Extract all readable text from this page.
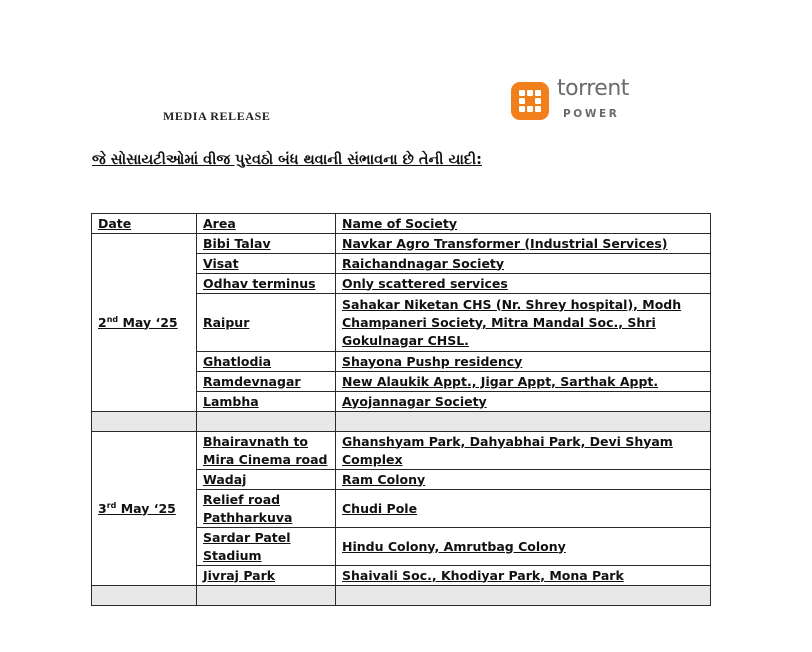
MEDIA RELEASE
torrent
POWER
જે સોસાયટીઓમાં વીજ પુરવઠો બંધ થવાની સંભાવના છે તેની યાદી:
Date	Area	Name of Society
2nd May ‘25	Bibi Talav	Navkar Agro Transformer (Industrial Services)
	Visat	Raichandnagar Society
	Odhav terminus	Only scattered services
	Raipur	Sahakar Niketan CHS (Nr. Shrey hospital), Modh Champaneri Society, Mitra Mandal Soc., Shri Gokulnagar CHSL.
	Ghatlodia	Shayona Pushp residency
	Ramdevnagar	New Alaukik Appt., Jigar Appt, Sarthak Appt.
	Lambha	Ayojannagar Society

3rd May ‘25	Bhairavnath to Mira Cinema road	Ghanshyam Park, Dahyabhai Park, Devi Shyam Complex
	Wadaj	Ram Colony
	Relief road Pathharkuva	Chudi Pole
	Sardar Patel Stadium	Hindu Colony, Amrutbag Colony
	Jivraj Park	Shaivali Soc., Khodiyar Park, Mona Park
